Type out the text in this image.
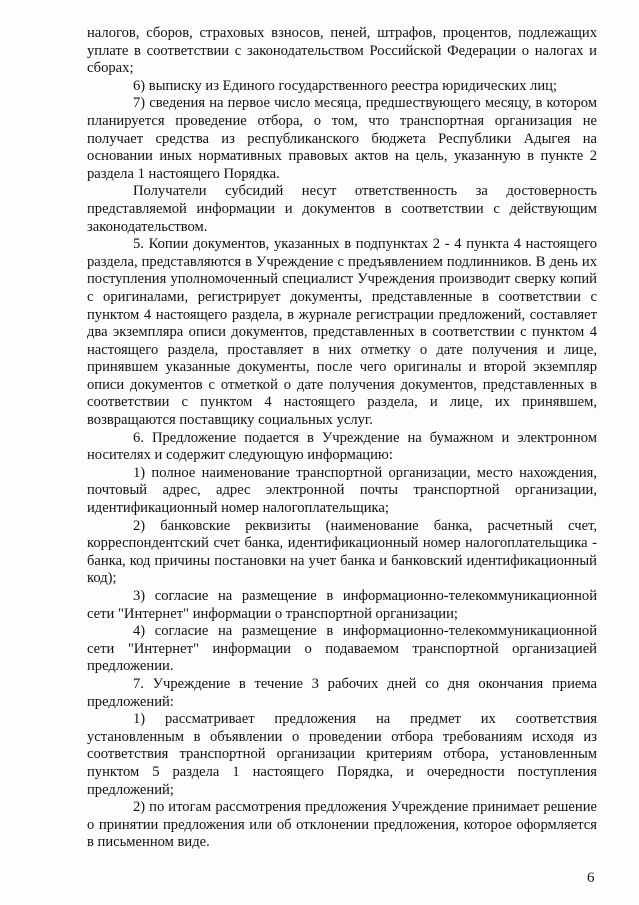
налогов, сборов, страховых взносов, пеней, штрафов, процентов, подлежащих уплате в соответствии с законодательством Российской Федерации о налогах и сборах;

6) выписку из Единого государственного реестра юридических лиц;

7) сведения на первое число месяца, предшествующего месяцу, в котором планируется проведение отбора, о том, что транспортная организация не получает средства из республиканского бюджета Республики Адыгея на основании иных нормативных правовых актов на цель, указанную в пункте 2 раздела 1 настоящего Порядка.

Получатели субсидий несут ответственность за достоверность представляемой информации и документов в соответствии с действующим законодательством.

5. Копии документов, указанных в подпунктах 2 - 4 пункта 4 настоящего раздела, представляются в Учреждение с предъявлением подлинников. В день их поступления уполномоченный специалист Учреждения производит сверку копий с оригиналами, регистрирует документы, представленные в соответствии с пунктом 4 настоящего раздела, в журнале регистрации предложений, составляет два экземпляра описи документов, представленных в соответствии с пунктом 4 настоящего раздела, проставляет в них отметку о дате получения и лице, принявшем указанные документы, после чего оригиналы и второй экземпляр описи документов с отметкой о дате получения документов, представленных в соответствии с пунктом 4 настоящего раздела, и лице, их принявшем, возвращаются поставщику социальных услуг.

6. Предложение подается в Учреждение на бумажном и электронном носителях и содержит следующую информацию:

1) полное наименование транспортной организации, место нахождения, почтовый адрес, адрес электронной почты транспортной организации, идентификационный номер налогоплательщика;

2) банковские реквизиты (наименование банка, расчетный счет, корреспондентский счет банка, идентификационный номер налогоплательщика - банка, код причины постановки на учет банка и банковский идентификационный код);

3) согласие на размещение в информационно-телекоммуникационной сети "Интернет" информации о транспортной организации;

4) согласие на размещение в информационно-телекоммуникационной сети "Интернет" информации о подаваемом транспортной организацией предложении.

7. Учреждение в течение 3 рабочих дней со дня окончания приема предложений:

1) рассматривает предложения на предмет их соответствия установленным в объявлении о проведении отбора требованиям исходя из соответствия транспортной организации критериям отбора, установленным пунктом 5 раздела 1 настоящего Порядка, и очередности поступления предложений;

2) по итогам рассмотрения предложения Учреждение принимает решение о принятии предложения или об отклонении предложения, которое оформляется в письменном виде.

6
